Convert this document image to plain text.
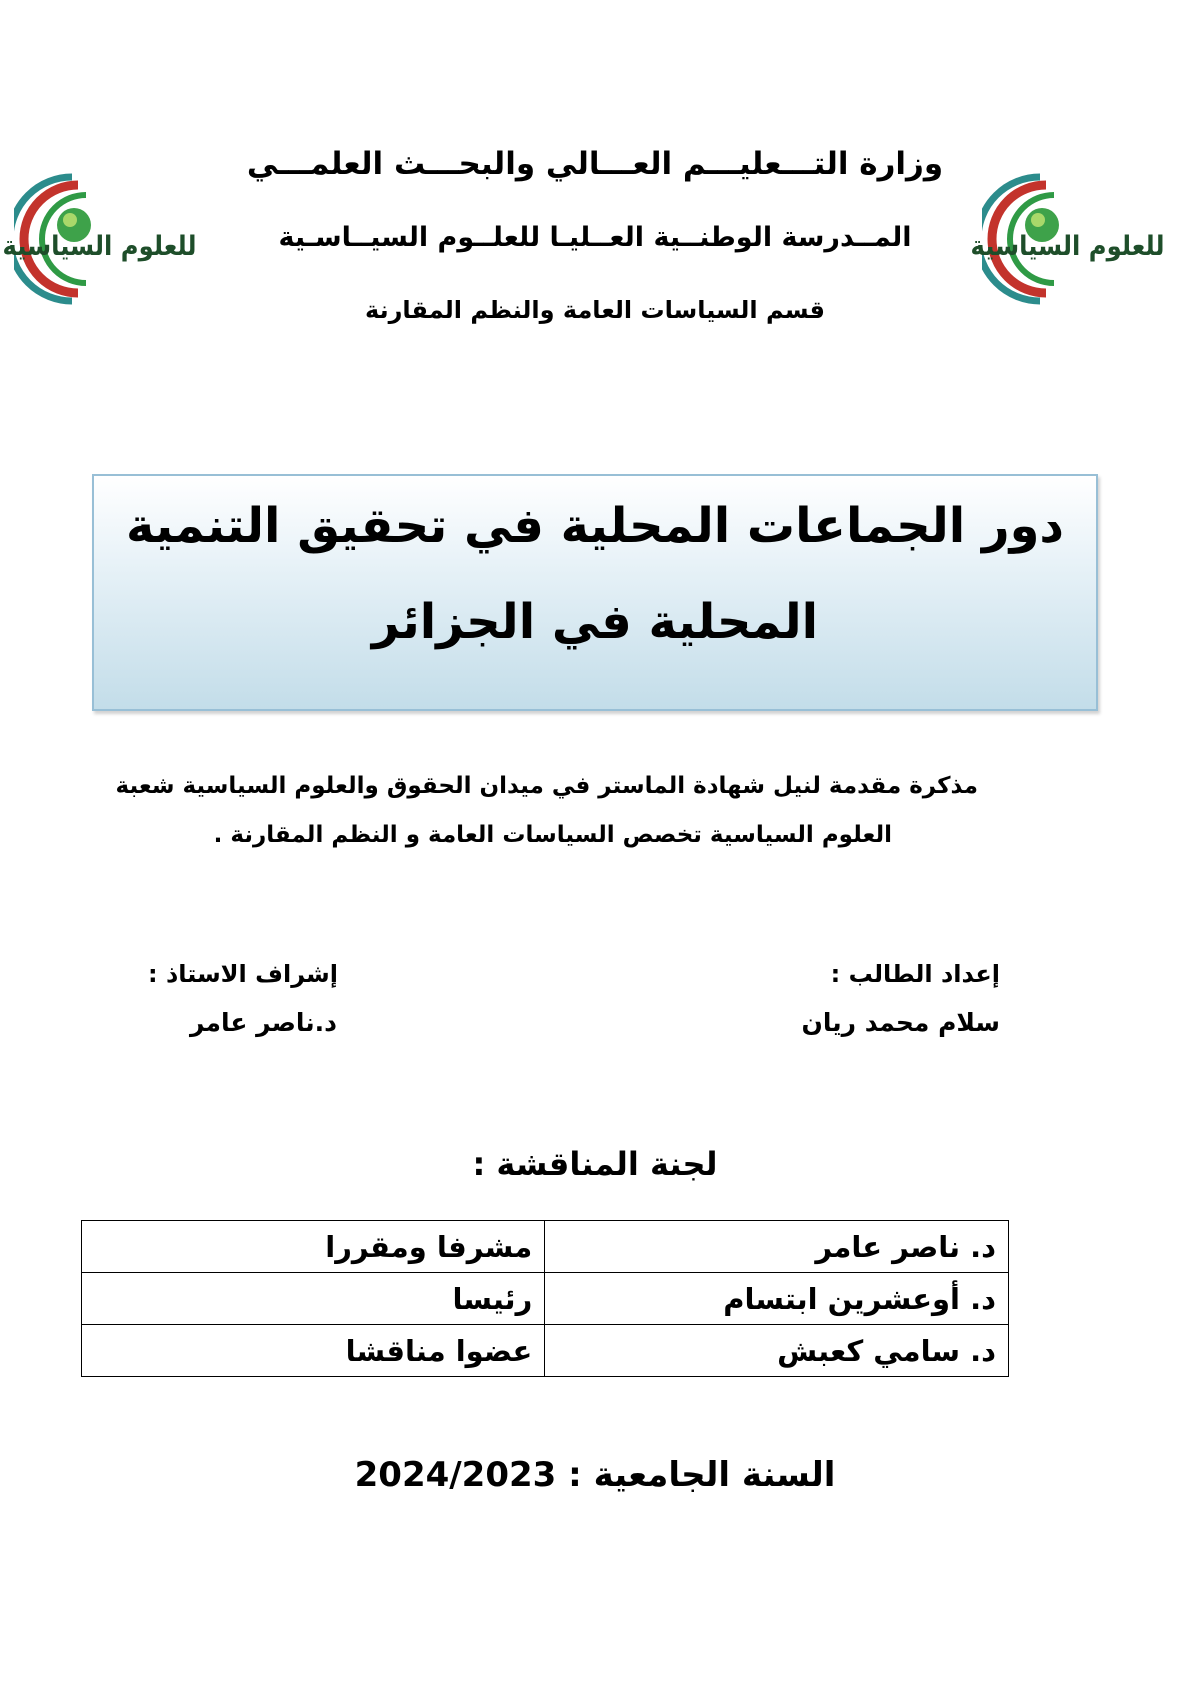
وزارة التـــعليـــم العـــالي والبحـــث العلمـــي
المــدرسة الوطنــية العــليـا للعلــوم السيــاسـية
قسم السياسات العامة والنظم المقارنة
للعلوم السياسية	للعلوم السياسية
دور الجماعات المحلية في تحقيق التنمية
المحلية في الجزائر
مذكرة مقدمة لنيل شهادة الماستر في ميدان الحقوق والعلوم السياسية شعبة
العلوم السياسية تخصص السياسات العامة و النظم المقارنة .
إعداد الطالب :
سلام محمد ريان
إشراف الاستاذ :
د.ناصر عامر
لجنة المناقشة :
د. ناصر عامر	مشرفا ومقررا
د. أوعشرين ابتسام	رئيسا
د. سامي كعبش	عضوا مناقشا
السنة الجامعية : 2024/2023
